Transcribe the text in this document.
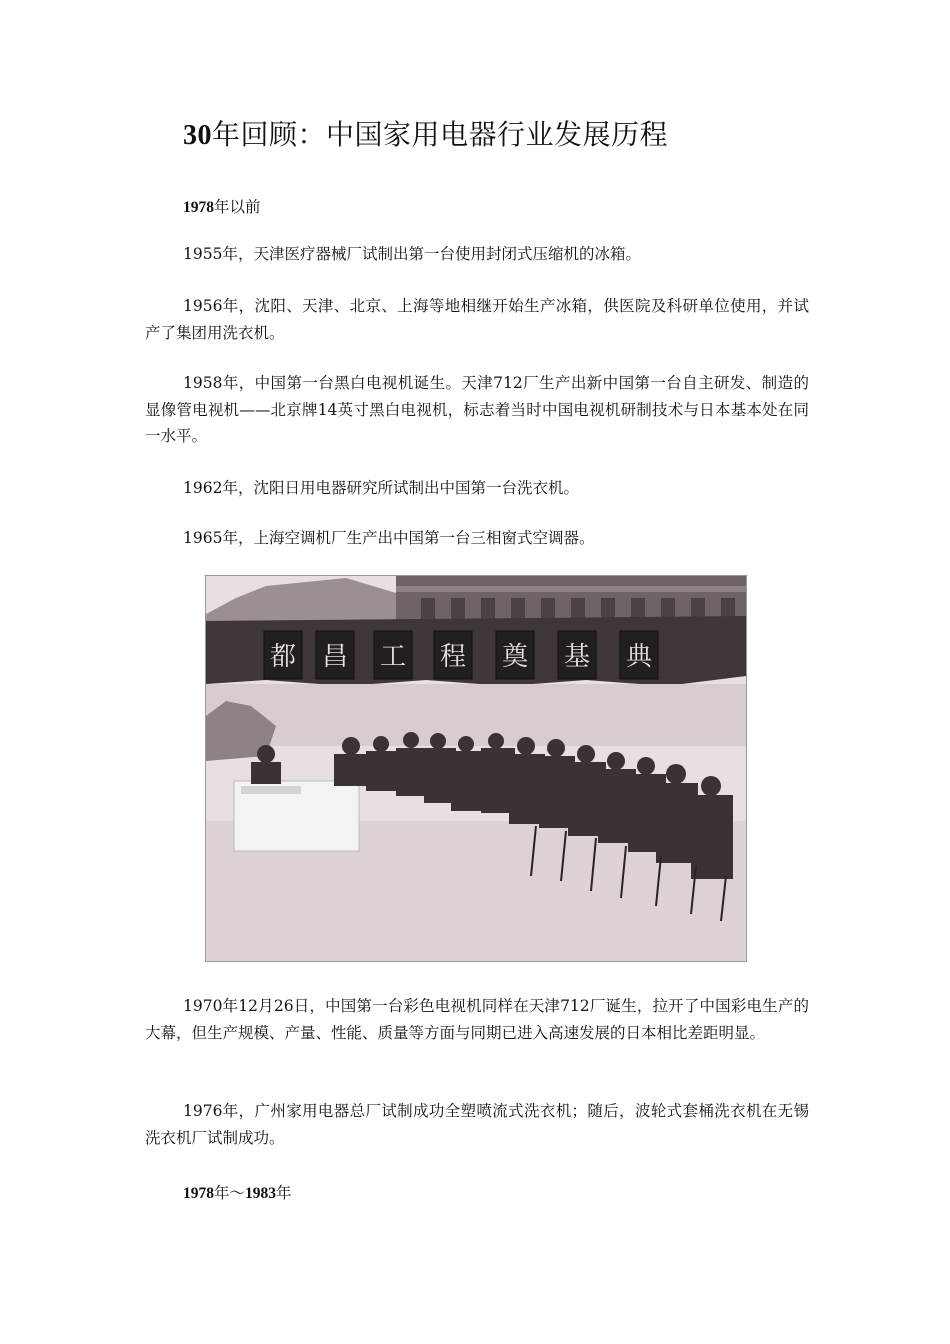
30年回顾：中国家用电器行业发展历程
1978年以前

1955年，天津医疗器械厂试制出第一台使用封闭式压缩机的冰箱。

1956年，沈阳、天津、北京、上海等地相继开始生产冰箱，供医院及科研单位使用，并试产了集团用洗衣机。

1958年，中国第一台黑白电视机诞生。天津712厂生产出新中国第一台自主研发、制造的显像管电视机——北京牌14英寸黑白电视机，标志着当时中国电视机研制技术与日本基本处在同一水平。

1962年，沈阳日用电器研究所试制出中国第一台洗衣机。

1965年，上海空调机厂生产出中国第一台三相窗式空调器。

都 昌 工 程 奠 基 典

1970年12月26日，中国第一台彩色电视机同样在天津712厂诞生，拉开了中国彩电生产的大幕，但生产规模、产量、性能、质量等方面与同期已进入高速发展的日本相比差距明显。

1976年，广州家用电器总厂试制成功全塑喷流式洗衣机；随后，波轮式套桶洗衣机在无锡洗衣机厂试制成功。

1978年～1983年
